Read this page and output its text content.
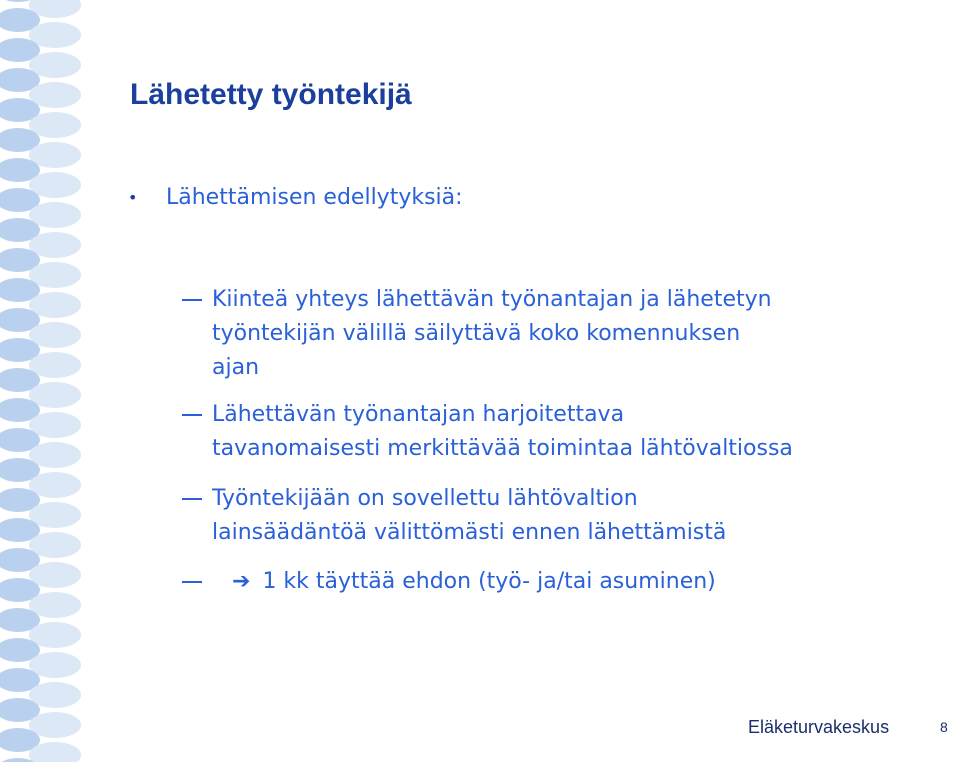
Lähetetty työntekijä
•	Lähettämisen edellytyksiä:
Kiinteä yhteys lähettävän työnantajan ja lähetetyn
työntekijän välillä säilyttävä koko komennuksen
ajan
Lähettävän työnantajan harjoitettava
tavanomaisesti merkittävää toimintaa lähtövaltiossa
Työntekijään on sovellettu lähtövaltion
lainsäädäntöä välittömästi ennen lähettämistä
➔ 1 kk täyttää ehdon (työ- ja/tai asuminen)
Eläketurvakeskus	8
